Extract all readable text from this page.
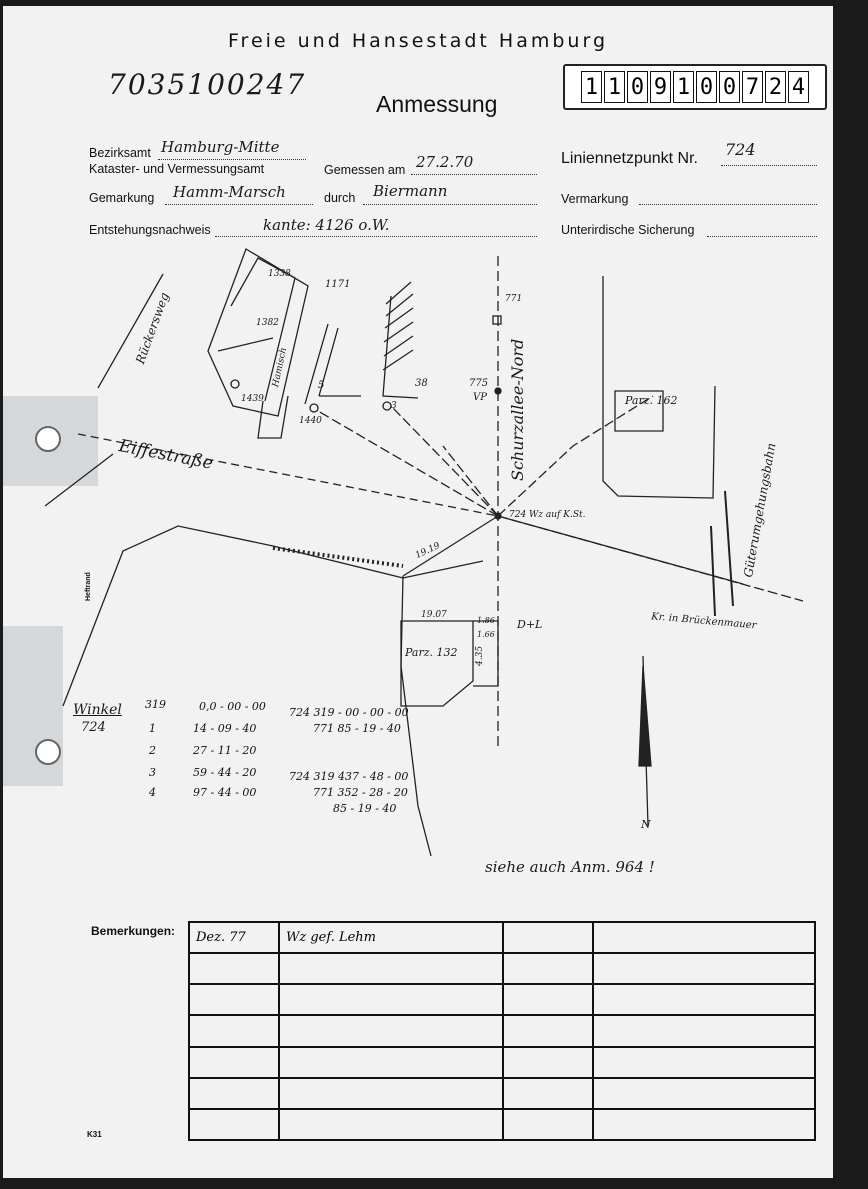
Freie und Hansestadt Hamburg
7035100247
Anmessung
1 1 0 9 1 0 0 7 2 4
Bezirksamt Hamburg-Mitte
Kataster- und Vermessungsamt	Gemessen am 27.2.70
Gemarkung Hamm-Marsch	durch Biermann
Entstehungsnachweis	kante: 4126 o.W.
Liniennetzpunkt Nr. 724
Vermarkung
Unterirdische Sicherung
Eiffestraße	Schurzallee-Nord
Rückersweg
Güterumgehungsbahn
Parz. 162
Parz. 132
1338
1171
1382
1439
1440
5	38
3
771
VP
775
724 Wz auf K.St.
D+L	Kr. in Brückenmauer
19.19
19.07
1.86
1.66
4.35
Hamisch
Heftrand
N
siehe auch Anm. 964 !
Winkel
724
319	0,0 - 00 - 00
1	14 - 09 - 40
2	27 - 11 - 20
3	59 - 44 - 20
4	97 - 44 - 00
724 319 - 00 - 00 - 00
771 85 - 19 - 40
724 319 437 - 48 - 00
771 352 - 28 - 20
85 - 19 - 40
Bemerkungen: Dez. 77	Wz gef. Lehm		

K31
